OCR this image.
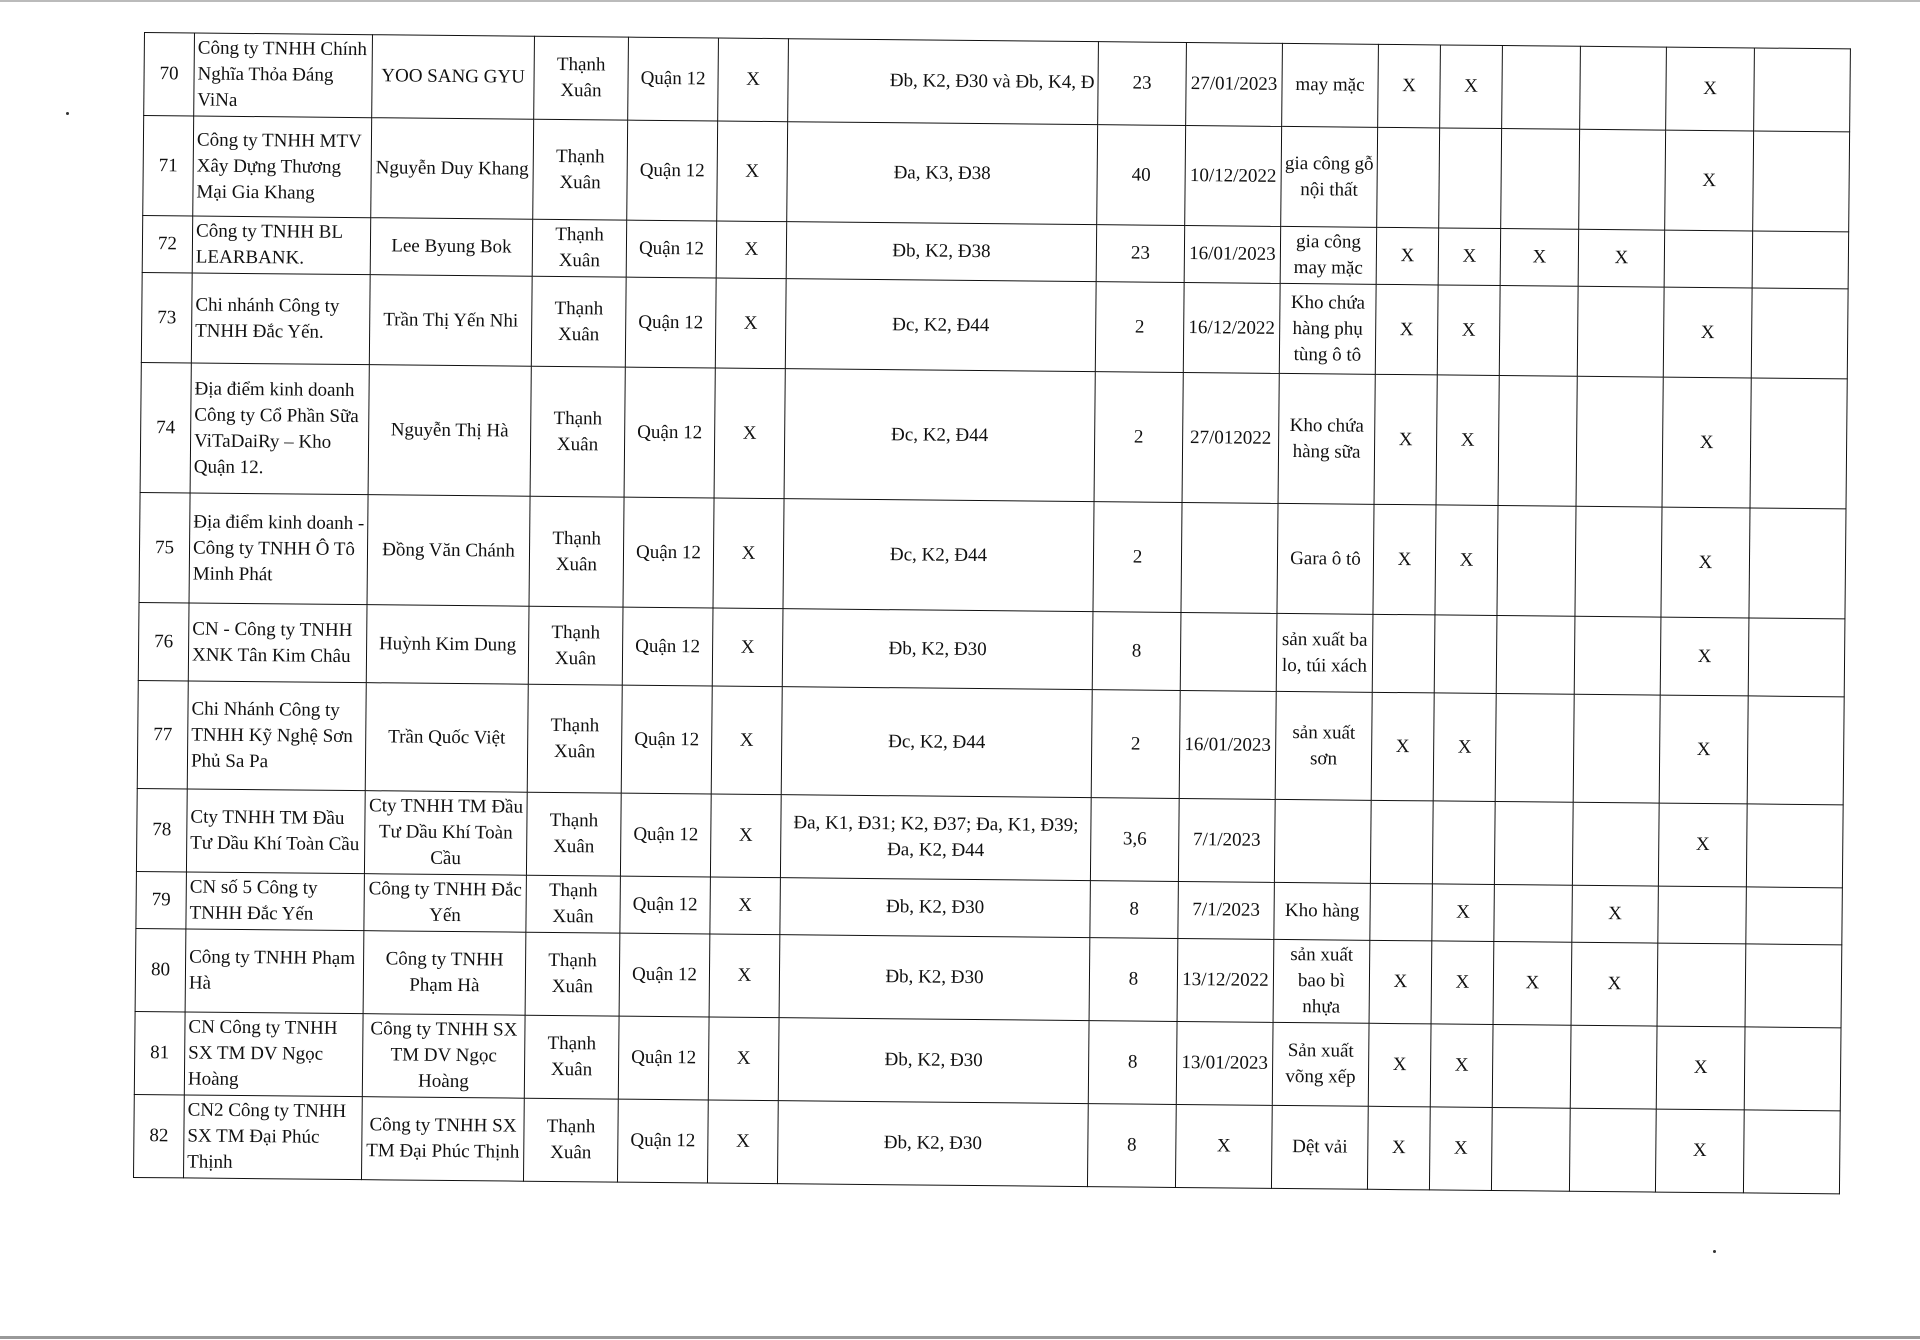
70	Công ty TNHH Chính Nghĩa Thỏa Đáng ViNa	YOO SANG GYU	Thạnh Xuân	Quận 12	X	Đb, K2, Đ30 và Đb, K4, Đ	23	27/01/2023	may mặc	X	X			X	
71	Công ty TNHH MTV Xây Dựng Thương Mại Gia Khang	Nguyễn Duy Khang	Thạnh Xuân	Quận 12	X	Đa, K3, Đ38	40	10/12/2022	gia công gỗ nội thất					X	
72	Công ty TNHH BL LEARBANK.	Lee Byung Bok	Thạnh Xuân	Quận 12	X	Đb, K2, Đ38	23	16/01/2023	gia công may mặc	X	X	X	X		
73	Chi nhánh Công ty TNHH Đắc Yến.	Trần Thị Yến Nhi	Thạnh Xuân	Quận 12	X	Đc, K2, Đ44	2	16/12/2022	Kho chứa hàng phụ tùng ô tô	X	X			X	
74	Địa điểm kinh doanh Công ty Cổ Phần Sữa ViTaDaiRy – Kho Quận 12.	Nguyễn Thị Hà	Thạnh Xuân	Quận 12	X	Đc, K2, Đ44	2	27/012022	Kho chứa hàng sữa	X	X			X	
75	Địa điểm kinh doanh - Công ty TNHH Ô Tô Minh Phát	Đồng Văn Chánh	Thạnh Xuân	Quận 12	X	Đc, K2, Đ44	2		Gara ô tô	X	X			X	
76	CN - Công ty TNHH XNK Tân Kim Châu	Huỳnh Kim Dung	Thạnh Xuân	Quận 12	X	Đb, K2, Đ30	8		sản xuất ba lo, túi xách					X	
77	Chi Nhánh Công ty TNHH Kỹ Nghệ Sơn Phủ Sa Pa	Trần Quốc Việt	Thạnh Xuân	Quận 12	X	Đc, K2, Đ44	2	16/01/2023	sản xuất sơn	X	X			X	
78	Cty TNHH TM Đầu Tư Dầu Khí Toàn Cầu	Cty TNHH TM Đầu Tư Dầu Khí Toàn Cầu	Thạnh Xuân	Quận 12	X	Đa, K1, Đ31; K2, Đ37; Đa, K1, Đ39; Đa, K2, Đ44	3,6	7/1/2023						X	
79	CN số 5 Công ty TNHH Đắc Yến	Công ty TNHH Đắc Yến	Thạnh Xuân	Quận 12	X	Đb, K2, Đ30	8	7/1/2023	Kho hàng		X		X		
80	Công ty TNHH Phạm Hà	Công ty TNHH Phạm Hà	Thạnh Xuân	Quận 12	X	Đb, K2, Đ30	8	13/12/2022	sản xuất bao bì nhựa	X	X	X	X		
81	CN Công ty TNHH SX TM DV Ngọc Hoàng	Công ty TNHH SX TM DV Ngọc Hoàng	Thạnh Xuân	Quận 12	X	Đb, K2, Đ30	8	13/01/2023	Sản xuất võng xếp	X	X			X	
82	CN2 Công ty TNHH SX TM Đại Phúc Thịnh	Công ty TNHH SX TM Đại Phúc Thịnh	Thạnh Xuân	Quận 12	X	Đb, K2, Đ30	8	X	Dệt vải	X	X			X	
